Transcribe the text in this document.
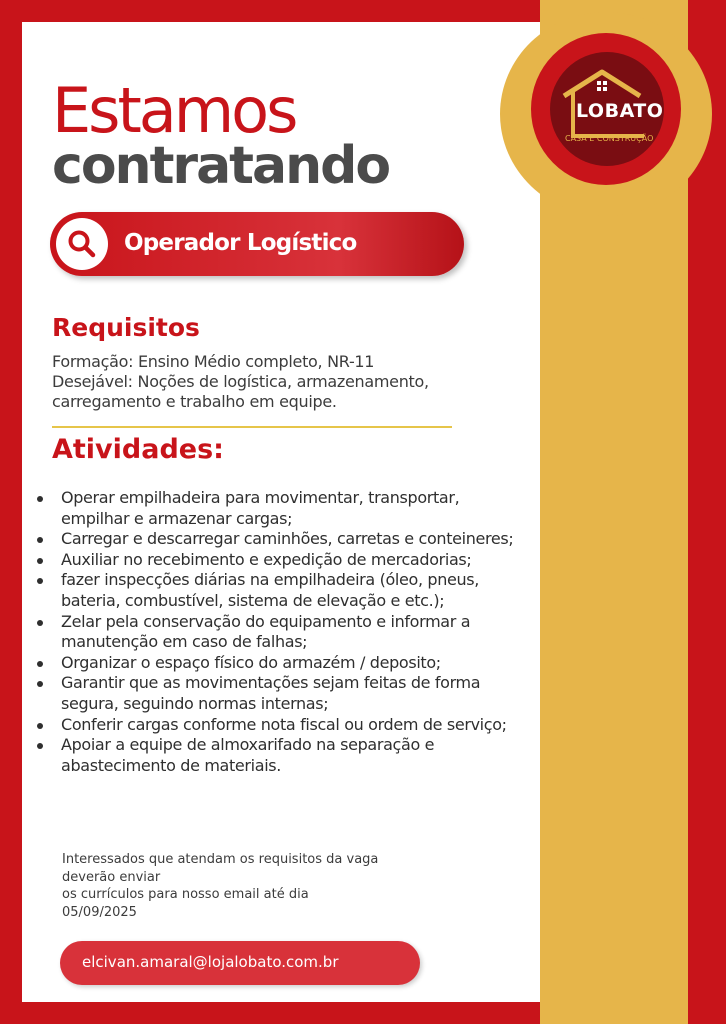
LOBATO
CASA E CONSTRUÇÃO
Estamos
contratando
Operador Logístico
Requisitos
Formação: Ensino Médio completo, NR-11
Desejável: Noções de logística, armazenamento,
carregamento e trabalho em equipe.
Atividades:
Operar empilhadeira para movimentar, transportar, empilhar e armazenar cargas;
Carregar e descarregar caminhões, carretas e conteineres;
Auxiliar no recebimento e expedição de mercadorias;
fazer inspecções diárias na empilhadeira (óleo, pneus, bateria, combustível, sistema de elevação e etc.);
Zelar pela conservação do equipamento e informar a manutenção em caso de falhas;
Organizar o espaço físico do armazém / deposito;
Garantir que as movimentações sejam feitas de forma segura, seguindo normas internas;
Conferir cargas conforme nota fiscal ou ordem de serviço;
Apoiar a equipe de almoxarifado na separação e abastecimento de materiais.
Interessados que atendam os requisitos da vaga
deverão enviar
os currículos para nosso email até dia
05/09/2025
elcivan.amaral@lojalobato.com.br
